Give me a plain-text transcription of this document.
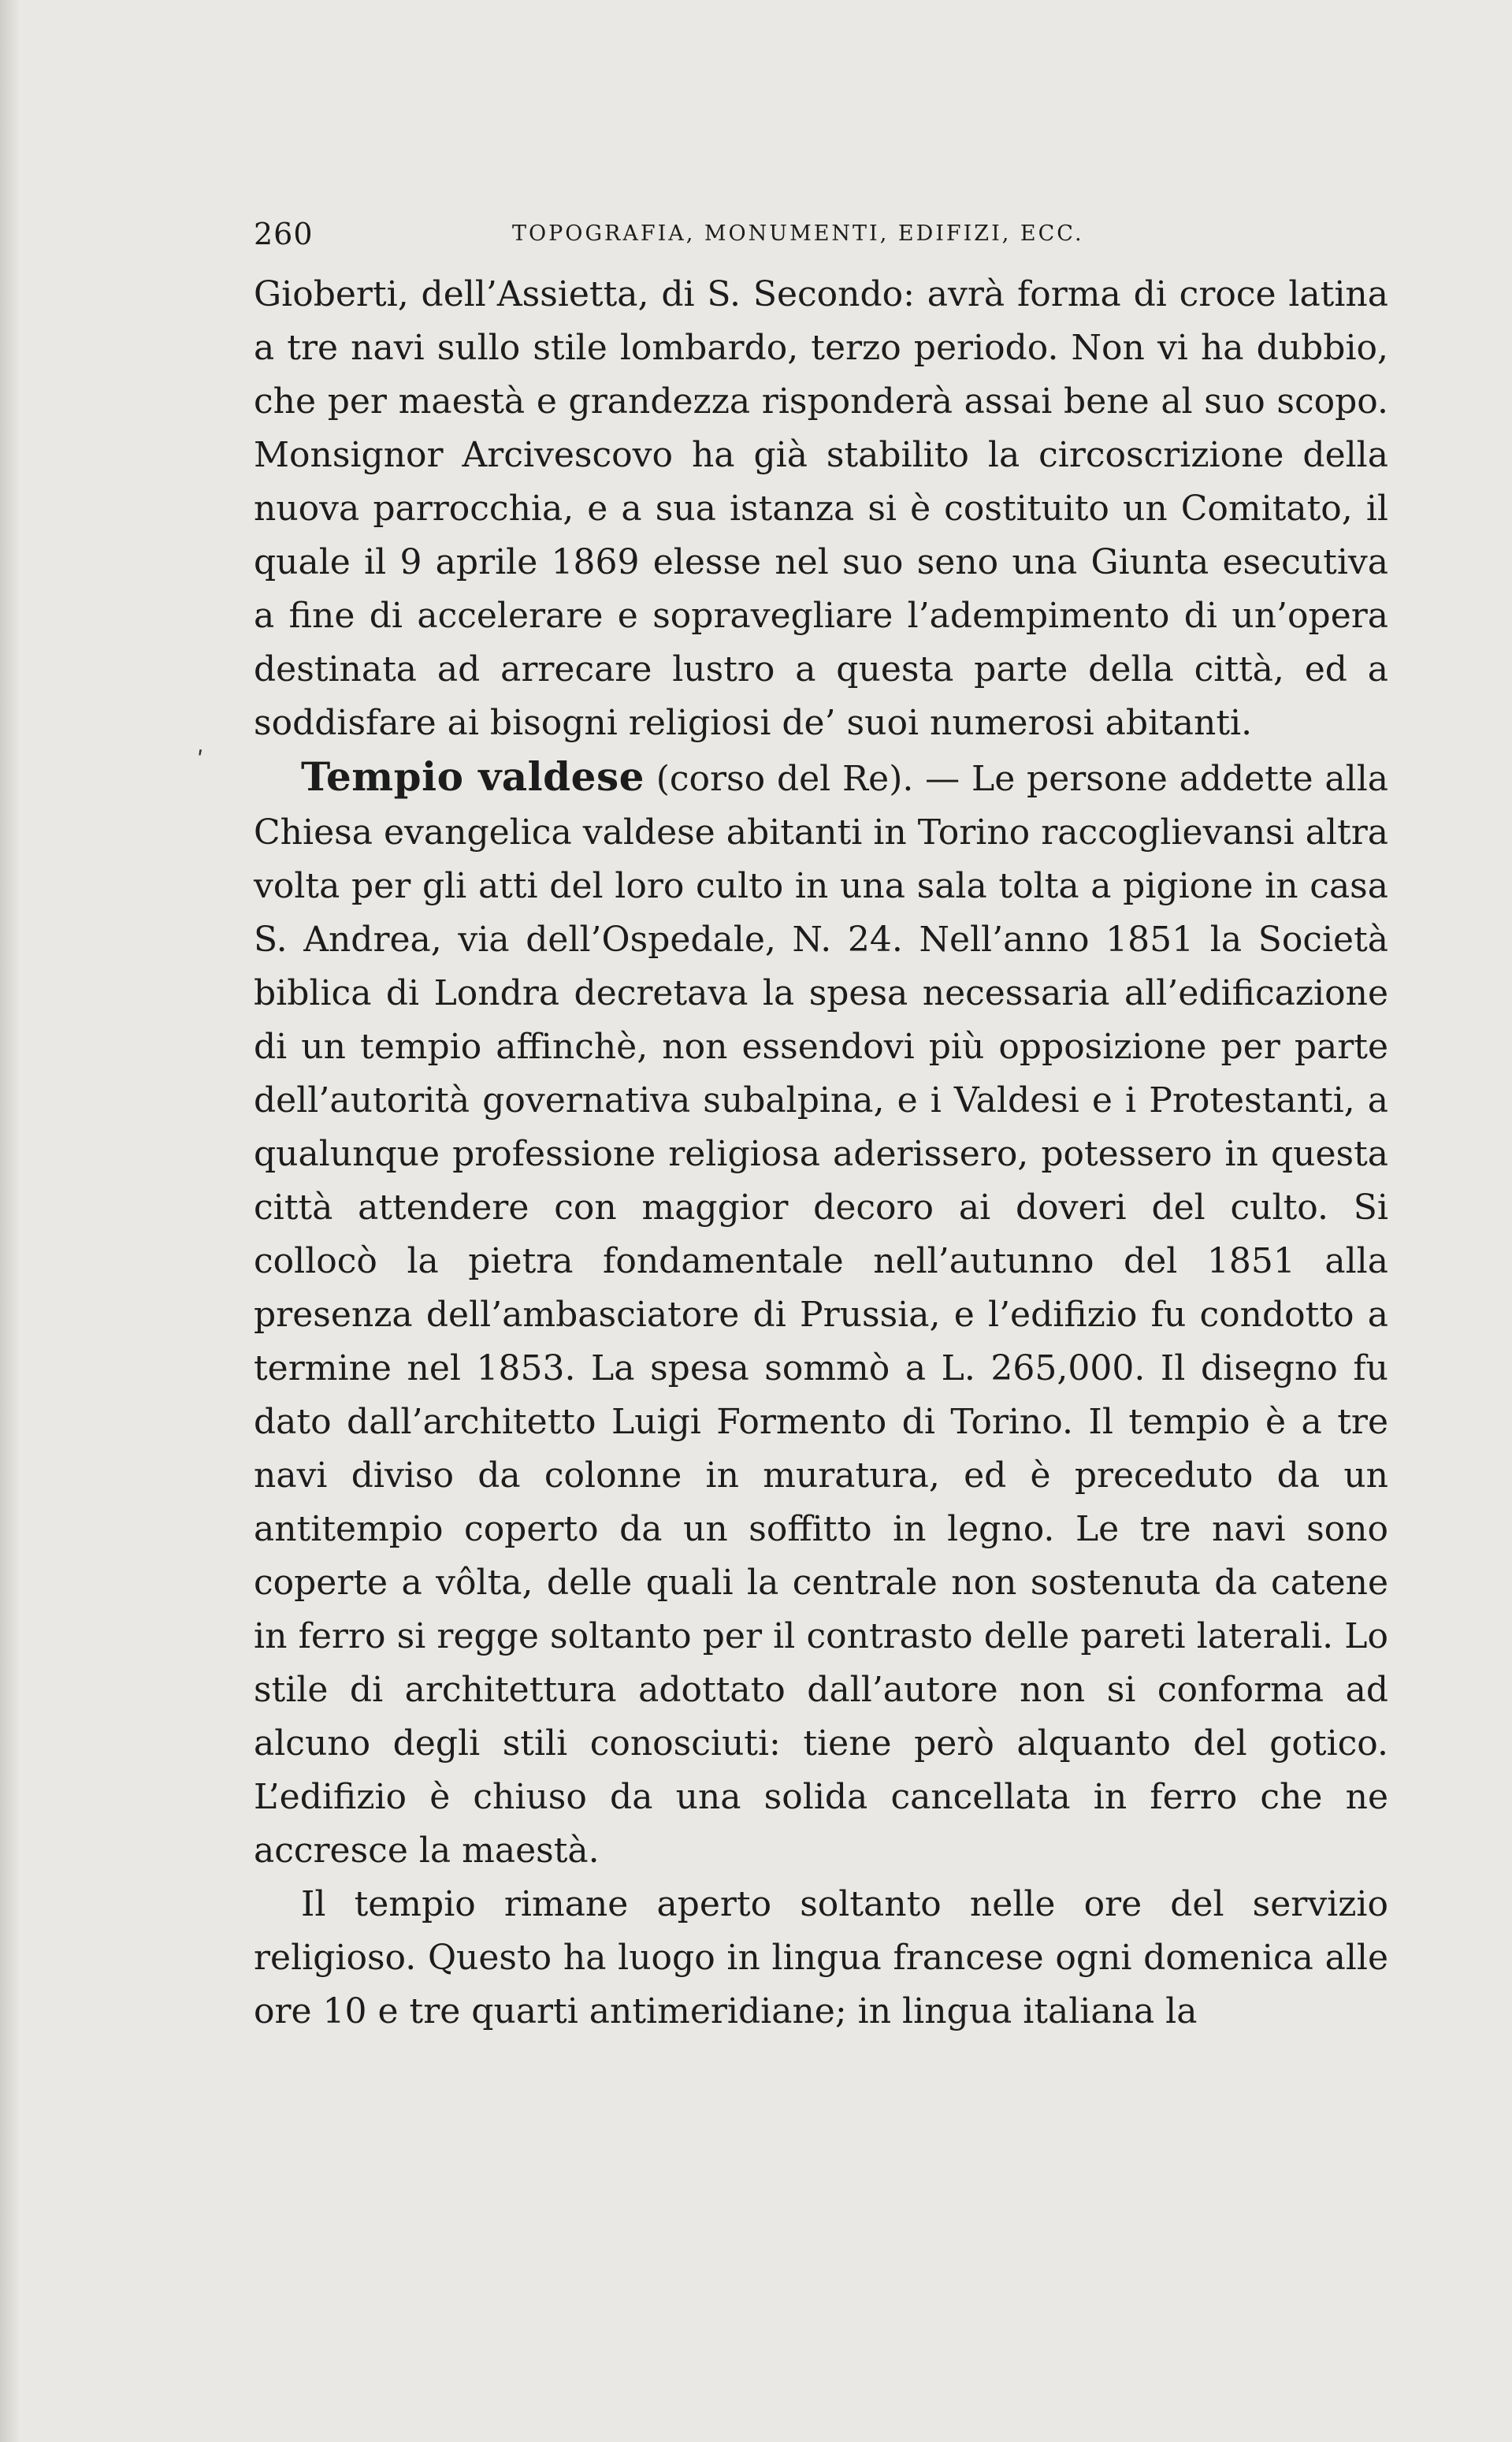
260	TOPOGRAFIA, MONUMENTI, EDIFIZI, ECC.
ʹ

Gioberti, dell’Assietta, di S. Secondo: avrà forma di croce latina a tre navi sullo stile lombardo, terzo periodo. Non vi ha dubbio, che per maestà e grandezza risponderà assai bene al suo scopo. Monsignor Arcivescovo ha già stabilito la circoscrizione della nuova parrocchia, e a sua istanza si è costituito un Comitato, il quale il 9 aprile 1869 elesse nel suo seno una Giunta esecutiva a fine di accelerare e sopravegliare l’adempimento di un’opera destinata ad arrecare lustro a questa parte della città, ed a soddisfare ai bisogni religiosi de’ suoi numerosi abitanti.

Tempio valdese (corso del Re). — Le persone addette alla Chiesa evangelica valdese abitanti in Torino raccoglievansi altra volta per gli atti del loro culto in una sala tolta a pigione in casa S. Andrea, via dell’Ospedale, N. 24. Nell’anno 1851 la Società biblica di Londra decretava la spesa necessaria all’edificazione di un tempio affinchè, non essendovi più opposizione per parte dell’autorità governativa subalpina, e i Valdesi e i Protestanti, a qualunque professione religiosa aderissero, potessero in questa città attendere con maggior decoro ai doveri del culto. Si collocò la pietra fondamentale nell’autunno del 1851 alla presenza dell’ambasciatore di Prussia, e l’edifizio fu condotto a termine nel 1853. La spesa sommò a L. 265,000. Il disegno fu dato dall’architetto Luigi Formento di Torino. Il tempio è a tre navi diviso da colonne in muratura, ed è preceduto da un antitempio coperto da un soffitto in legno. Le tre navi sono coperte a vôlta, delle quali la centrale non sostenuta da catene in ferro si regge soltanto per il contrasto delle pareti laterali. Lo stile di architettura adottato dall’autore non si conforma ad alcuno degli stili conosciuti: tiene però alquanto del gotico. L’edifizio è chiuso da una solida cancellata in ferro che ne accresce la maestà.

Il tempio rimane aperto soltanto nelle ore del servizio religioso. Questo ha luogo in lingua francese ogni domenica alle ore 10 e tre quarti antimeridiane; in lingua italiana la
